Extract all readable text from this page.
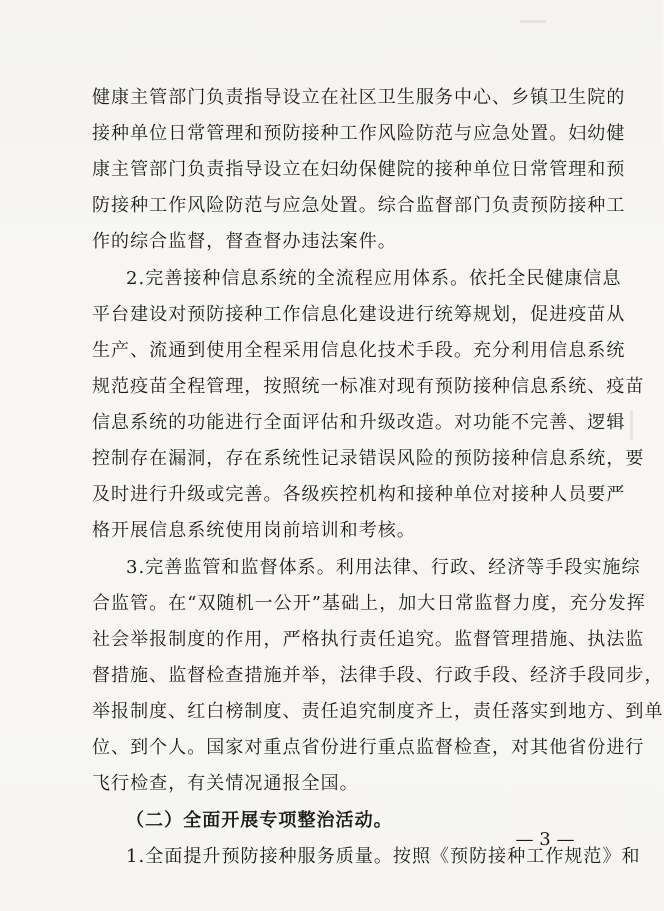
健康主管部门负责指导设立在社区卫生服务中心、乡镇卫生院的
接种单位日常管理和预防接种工作风险防范与应急处置。妇幼健
康主管部门负责指导设立在妇幼保健院的接种单位日常管理和预
防接种工作风险防范与应急处置。综合监督部门负责预防接种工
作的综合监督，督查督办违法案件。
2.完善接种信息系统的全流程应用体系。依托全民健康信息
平台建设对预防接种工作信息化建设进行统筹规划，促进疫苗从
生产、流通到使用全程采用信息化技术手段。充分利用信息系统
规范疫苗全程管理，按照统一标准对现有预防接种信息系统、疫苗
信息系统的功能进行全面评估和升级改造。对功能不完善、逻辑
控制存在漏洞，存在系统性记录错误风险的预防接种信息系统，要
及时进行升级或完善。各级疾控机构和接种单位对接种人员要严
格开展信息系统使用岗前培训和考核。
3.完善监管和监督体系。利用法律、行政、经济等手段实施综
合监管。在“双随机一公开”基础上，加大日常监督力度，充分发挥
社会举报制度的作用，严格执行责任追究。监督管理措施、执法监
督措施、监督检查措施并举，法律手段、行政手段、经济手段同步，
举报制度、红白榜制度、责任追究制度齐上，责任落实到地方、到单
位、到个人。国家对重点省份进行重点监督检查，对其他省份进行
飞行检查，有关情况通报全国。
（二）全面开展专项整治活动。
1.全面提升预防接种服务质量。按照《预防接种工作规范》和
— 3 —
